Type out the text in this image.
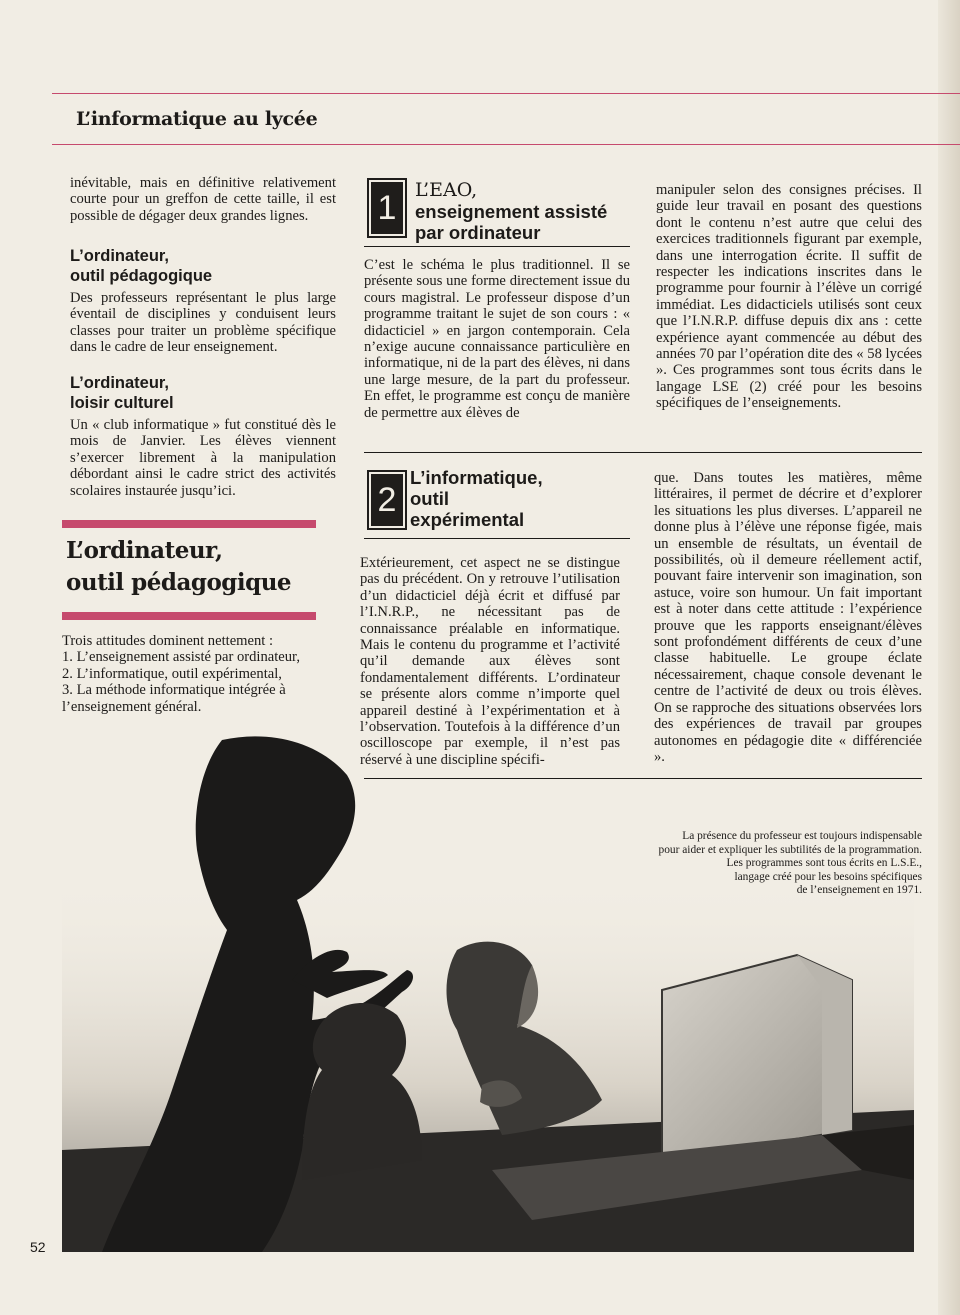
L’informatique au lycée

inévitable, mais en définitive relativement courte pour un greffon de cette taille, il est possible de dégager deux grandes lignes.

L’ordinateur,
outil pédagogique

Des professeurs représentant le plus large éventail de disciplines y conduisent leurs classes pour traiter un problème spécifique dans le cadre de leur enseignement.

L’ordinateur,
loisir culturel

Un « club informatique » fut constitué dès le mois de Janvier. Les élèves viennent s’exercer librement à la manipulation débordant ainsi le cadre strict des activités scolaires instaurée jusqu’ici.

L’ordinateur,
outil pédagogique

Trois attitudes dominent nettement :

1. L’enseignement assisté par ordinateur,

2. L’informatique, outil expérimental,

3. La méthode informatique intégrée à l’enseignement général.

1 L’EAO,
enseignement assisté
par ordinateur

C’est le schéma le plus traditionnel. Il se présente sous une forme directement issue du cours magistral. Le professeur dispose d’un programme traitant le sujet de son cours : « didacticiel » en jargon contemporain. Cela n’exige aucune connaissance particulière en informatique, ni de la part des élèves, ni dans une large mesure, de la part du professeur. En effet, le programme est conçu de manière de permettre aux élèves de

manipuler selon des consignes précises. Il guide leur travail en posant des questions dont le contenu n’est autre que celui des exercices traditionnels figurant par exemple, dans une interrogation écrite. Il suffit de respecter les indications inscrites dans le programme pour fournir à l’élève un corrigé immédiat. Les didacticiels utilisés sont ceux que l’I.N.R.P. diffuse depuis dix ans : cette expérience ayant commencée au début des années 70 par l’opération dite des « 58 lycées ». Ces programmes sont tous écrits dans le langage LSE (2) créé pour les besoins spécifiques de l’enseignements.

2
L’informatique,
outil
expérimental

Extérieurement, cet aspect ne se distingue pas du précédent. On y retrouve l’utilisation d’un didacticiel déjà écrit et diffusé par l’I.N.R.P., ne nécessitant pas de connaissance préalable en informatique. Mais le contenu du programme et l’activité qu’il demande aux élèves sont fondamentalement différents. L’ordinateur se présente alors comme n’importe quel appareil destiné à l’expérimentation et à l’observation. Toutefois à la différence d’un oscilloscope par exemple, il n’est pas réservé à une discipline spécifi-

que. Dans toutes les matières, même littéraires, il permet de décrire et d’explorer les situations les plus diverses. L’appareil ne donne plus à l’élève une réponse figée, mais un ensemble de résultats, un éventail de possibilités, où il demeure réellement actif, pouvant faire intervenir son imagination, son astuce, voire son humour. Un fait important est à noter dans cette attitude : l’expérience prouve que les rapports enseignant/élèves sont profondément différents de ceux d’une classe habituelle. Le groupe éclate nécessairement, chaque console devenant le centre de l’activité de deux ou trois élèves. On se rapproche des situations observées lors des expériences de travail par groupes autonomes en pédagogie dite « différenciée ».

La présence du professeur est toujours indispensable
pour aider et expliquer les subtilités de la programmation.
Les programmes sont tous écrits en L.S.E.,
langage créé pour les besoins spécifiques
de l’enseignement en 1971.
52
